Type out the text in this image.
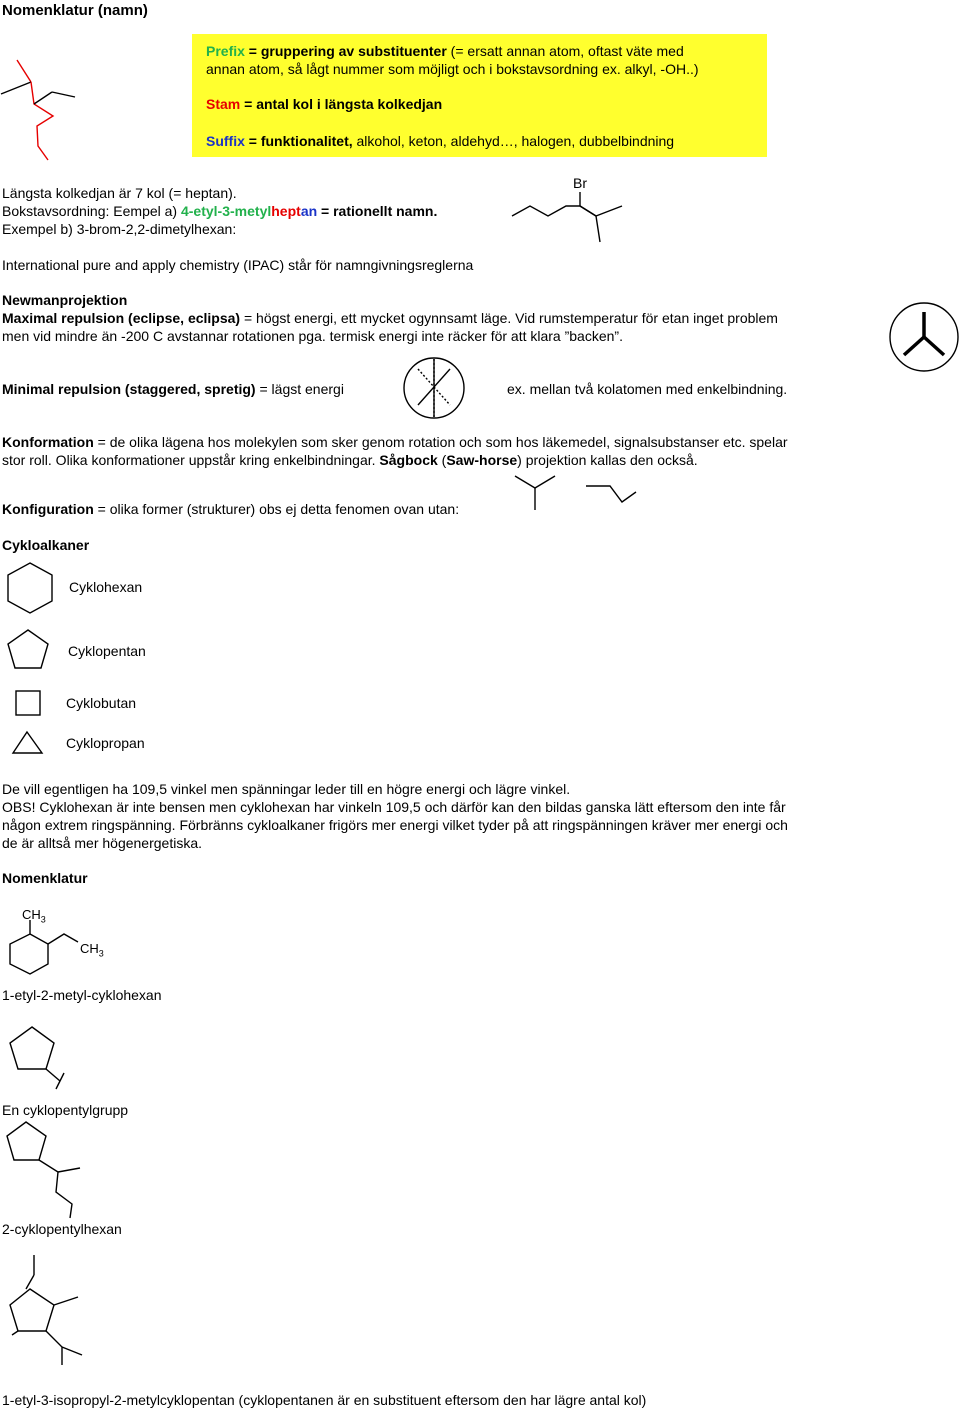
Nomenklatur (namn)
Prefix = gruppering av substituenter (= ersatt annan atom, oftast väte med
annan atom, så lågt nummer som möjligt och i bokstavsordning ex. alkyl, -OH..)
Stam = antal kol i längsta kolkedjan
Suffix = funktionalitet, alkohol, keton, aldehyd…, halogen, dubbelbindning
Längsta kolkedjan är 7 kol (= heptan).
Bokstavsordning: Eempel a) 4-etyl-3-metylheptan = rationellt namn.
Exempel b) 3-brom-2,2-dimetylhexan:
Br
International pure and apply chemistry (IPAC) står för namngivningsreglerna
Newmanprojektion
Maximal repulsion (eclipse, eclipsa) = högst energi, ett mycket ogynnsamt läge. Vid rumstemperatur för etan inget problem
men vid mindre än -200 C avstannar rotationen pga. termisk energi inte räcker för att klara ”backen”.
Minimal repulsion (staggered, spretig) = lägst energi	ex. mellan två kolatomen med enkelbindning.
Konformation = de olika lägena hos molekylen som sker genom rotation och som hos läkemedel, signalsubstanser etc. spelar
stor roll. Olika konformationer uppstår kring enkelbindningar. Sågbock (Saw-horse) projektion kallas den också.
Konfiguration = olika former (strukturer) obs ej detta fenomen ovan utan:
Cykloalkaner
Cyklohexan
Cyklopentan
Cyklobutan
Cyklopropan
De vill egentligen ha 109,5 vinkel men spänningar leder till en högre energi och lägre vinkel.
OBS! Cyklohexan är inte bensen men cyklohexan har vinkeln 109,5 och därför kan den bildas ganska lätt eftersom den inte får
någon extrem ringspänning. Förbränns cykloalkaner frigörs mer energi vilket tyder på att ringspänningen kräver mer energi och
de är alltså mer högenergetiska.
Nomenklatur
$CH_3$
$CH_3$
1-etyl-2-metyl-cyklohexan
En cyklopentylgrupp
2-cyklopentylhexan
1-etyl-3-isopropyl-2-metylcyklopentan (cyklopentanen är en substituent eftersom den har lägre antal kol)
